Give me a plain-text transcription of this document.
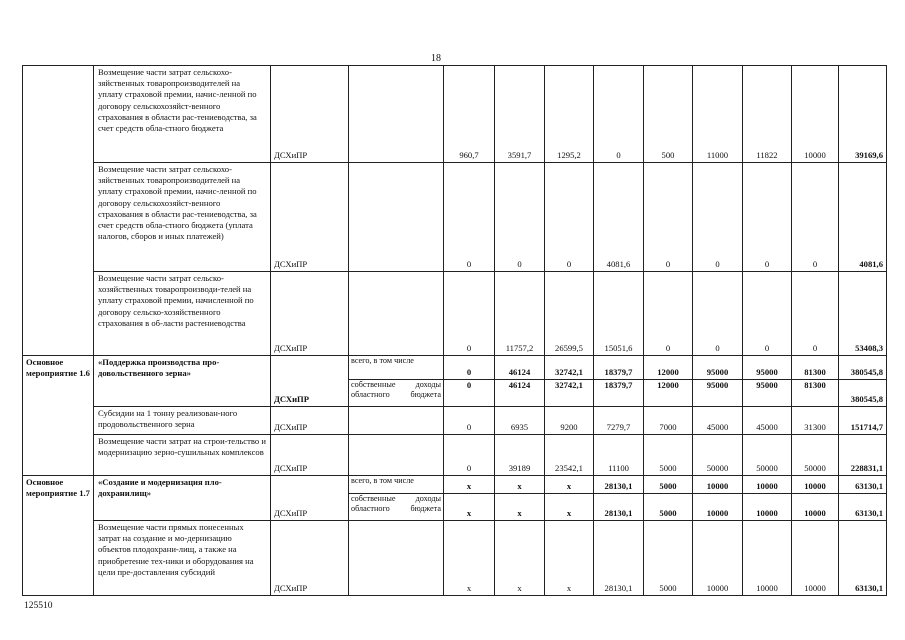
18
	Возмещение части затрат сельскохо-зяйственных товаропроизводителей на уплату страховой премии, начис-ленной по договору сельскохозяйст-венного страхования в области рас-тениеводства, за счет средств обла-стного бюджета	ДСХиПР		960,7	3591,7	1295,2	0	500	11000	11822	10000	39169,6
	Возмещение части затрат сельскохо-зяйственных товаропроизводителей на уплату страховой премии, начис-ленной по договору сельскохозяйст-венного страхования в области рас-тениеводства, за счет средств обла-стного бюджета (уплата налогов, сборов и иных платежей)	ДСХиПР		0	0	0	4081,6	0	0	0	0	4081,6
	Возмещение части затрат сельско-хозяйственных товаропроизводи-телей на уплату страховой премии, начисленной по договору сельско-хозяйственного страхования в об-ласти растениеводства	ДСХиПР		0	11757,2	26599,5	15051,6	0	0	0	0	53408,3
Основное мероприятие 1.6	«Поддержка производства про-довольственного зерна»	ДСХиПР	всего, в том числе	0	46124	32742,1	18379,7	12000	95000	95000	81300	380545,8

			собственные доходы областного бюджета	0	46124	32742,1	18379,7	12000	95000	95000	81300	380545,8
	Субсидии на 1 тонну реализован-ного продовольственного зерна	ДСХиПР		0	6935	9200	7279,7	7000	45000	45000	31300	151714,7
	Возмещение части затрат на строи-тельство и модернизацию зерно-сушильных комплексов	ДСХиПР		0	39189	23542,1	11100	5000	50000	50000	50000	228831,1
Основное мероприятие 1.7	«Создание и модернизация пло-дохранилищ»	ДСХиПР	всего, в том числе	x	x	x	28130,1	5000	10000	10000	10000	63130,1

			собственные доходы областного бюджета	x	x	x	28130,1	5000	10000	10000	10000	63130,1
	Возмещение части прямых понесенных затрат на создание и мо-дернизацию объектов плодохрани-лищ, а также на приобретение тех-ники и оборудования на цели пре-доставления субсидий	ДСХиПР		x	x	x	28130,1	5000	10000	10000	10000	63130,1
125510
